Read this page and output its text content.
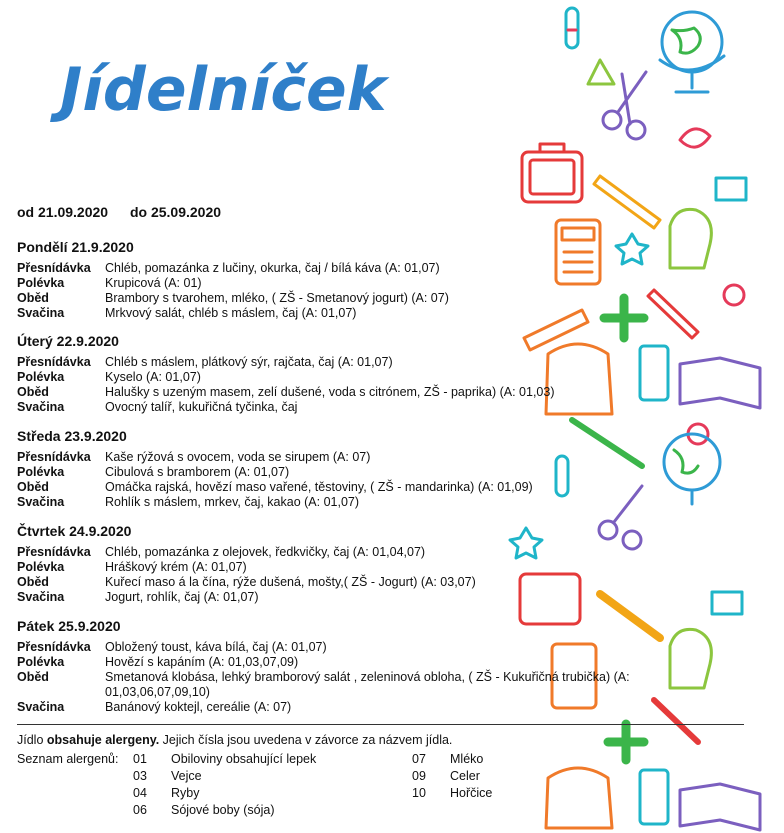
Jídelníček
od 21.09.2020 do 25.09.2020
Pondělí 21.9.2020
Přesnídávka Chléb, pomazánka z lučiny, okurka, čaj / bílá káva (A: 01,07)
Polévka	Krupicová (A: 01)
Oběd	Brambory s tvarohem, mléko, ( ZŠ - Smetanový jogurt) (A: 07)
Svačina	Mrkvový salát, chléb s máslem, čaj (A: 01,07)
Úterý 22.9.2020
Přesnídávka Chléb s máslem, plátkový sýr, rajčata, čaj (A: 01,07)
Polévka	Kyselo (A: 01,07)
Oběd	Halušky s uzeným masem, zelí dušené, voda s citrónem, ZŠ - paprika) (A: 01,03)
Svačina	Ovocný talíř, kukuřičná tyčinka, čaj
Středa 23.9.2020
Přesnídávka Kaše rýžová s ovocem, voda se sirupem (A: 07)
Polévka	Cibulová s bramborem (A: 01,07)
Oběd	Omáčka rajská, hovězí maso vařené, těstoviny, ( ZŠ - mandarinka) (A: 01,09)
Svačina	Rohlík s máslem, mrkev, čaj, kakao (A: 01,07)
Čtvrtek 24.9.2020
Přesnídávka Chléb, pomazánka z olejovek, ředkvičky, čaj (A: 01,04,07)
Polévka	Hráškový krém (A: 01,07)
Oběd	Kuřecí maso á la čína, rýže dušená, mošty,( ZŠ - Jogurt) (A: 03,07)
Svačina	Jogurt, rohlík, čaj (A: 01,07)
Pátek 25.9.2020
Přesnídávka Obložený toust, káva bílá, čaj (A: 01,07)
Polévka	Hovězí s kapáním (A: 01,03,07,09)
Oběd	Smetanová klobása, lehký bramborový salát , zeleninová obloha, ( ZŠ - Kukuřičná trubička) (A:
01,03,06,07,09,10)
Svačina	Banánový koktejl, cereálie (A: 07)
Jídlo obsahuje alergeny. Jejich čísla jsou uvedena v závorce za názvem jídla.
Seznam alergenů: 01 Obiloviny obsahující lepek
03 Vejce
04 Ryby
06 Sójové boby (sója)
07 Mléko
09 Celer
10 Hořčice
